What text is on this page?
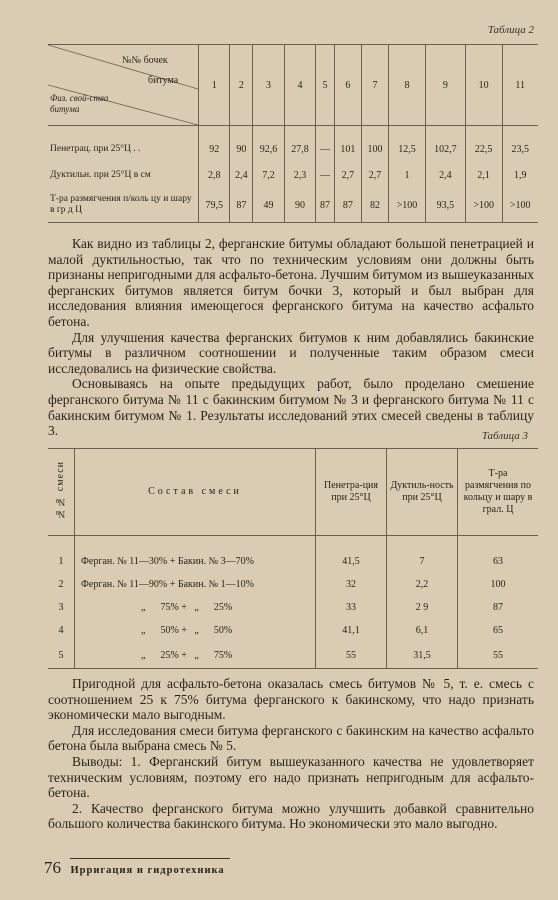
Таблица 2
№№ бочек
битума
Физ. свой-ства битума	1	2	3	4	5	6	7	8	9	10	11

Пенетрац. при 25°Ц . .	92	90	92,6	27,8	—	101	100	12,5	102,7	22,5	23,5
Дуктильн. при 25°Ц в см	2,8	2,4	7,2	2,3	—	2,7	2,7	1	2,4	2,1	1,9
Т-ра размягчения п/коль цу и шару в гр д Ц	79,5	87	49	90	87	87	82	>100	93,5	>100	>100

Как видно из таблицы 2, ферганские битумы обладают большой пенетрацией и малой дуктильностью, так что по техническим условиям они должны быть признаны непригодными для асфальто-бетона. Лучшим битумом из вышеуказанных ферганских битумов является битум бочки 3, который и был выбран для исследования влияния имеющегося ферганского битума на качество асфальто бетона.

Для улучшения качества ферганских битумов к ним добавлялись бакинские битумы в различном соотношении и полученные таким образом смеси исследовались на физические свойства.

Основываясь на опыте предыдущих работ, было проделано смешение ферганского битума № 11 с бакинским битумом № 3 и ферганского битума № 11 с бакинским битумом № 1. Результаты исследований этих смесей сведены в таблицу 3.	Таблица 3
№№ смеси	Состав смеси	Пенетра-ция при 25°Ц	Дуктиль-ность при 25°Ц	Т-ра размягчения по кольцу и шару в грал. Ц

1	Ферган. № 11—30% + Бакин. № 3—70%	41,5	7	63
2	Ферган. № 11—90% + Бакин. № 1—10%	32	2,2	100
3	„      75% +   „      25%	33	2 9	87
4	„      50% +   „      50%	41,1	6,1	65
5	„      25% +   „      75%	55	31,5	55

Пригодной для асфальто-бетона оказалась смесь битумов № 5, т. е. смесь с соотношением 25 к 75% битума ферганского к бакинскому, что надо признать экономически мало выгодным.

Для исследования смеси битума ферганского с бакинским на качество асфальто бетона была выбрана смесь № 5.

Выводы: 1. Ферганский битум вышеуказанного качества не удовлетворяет техническим условиям, поэтому его надо признать непригодным для асфальто-бетона.

2. Качество ферганского битума можно улучшить добавкой сравнительно большого количества бакинского битума. Но экономически это мало выгодно.

76 Ирригация и гидротехника
